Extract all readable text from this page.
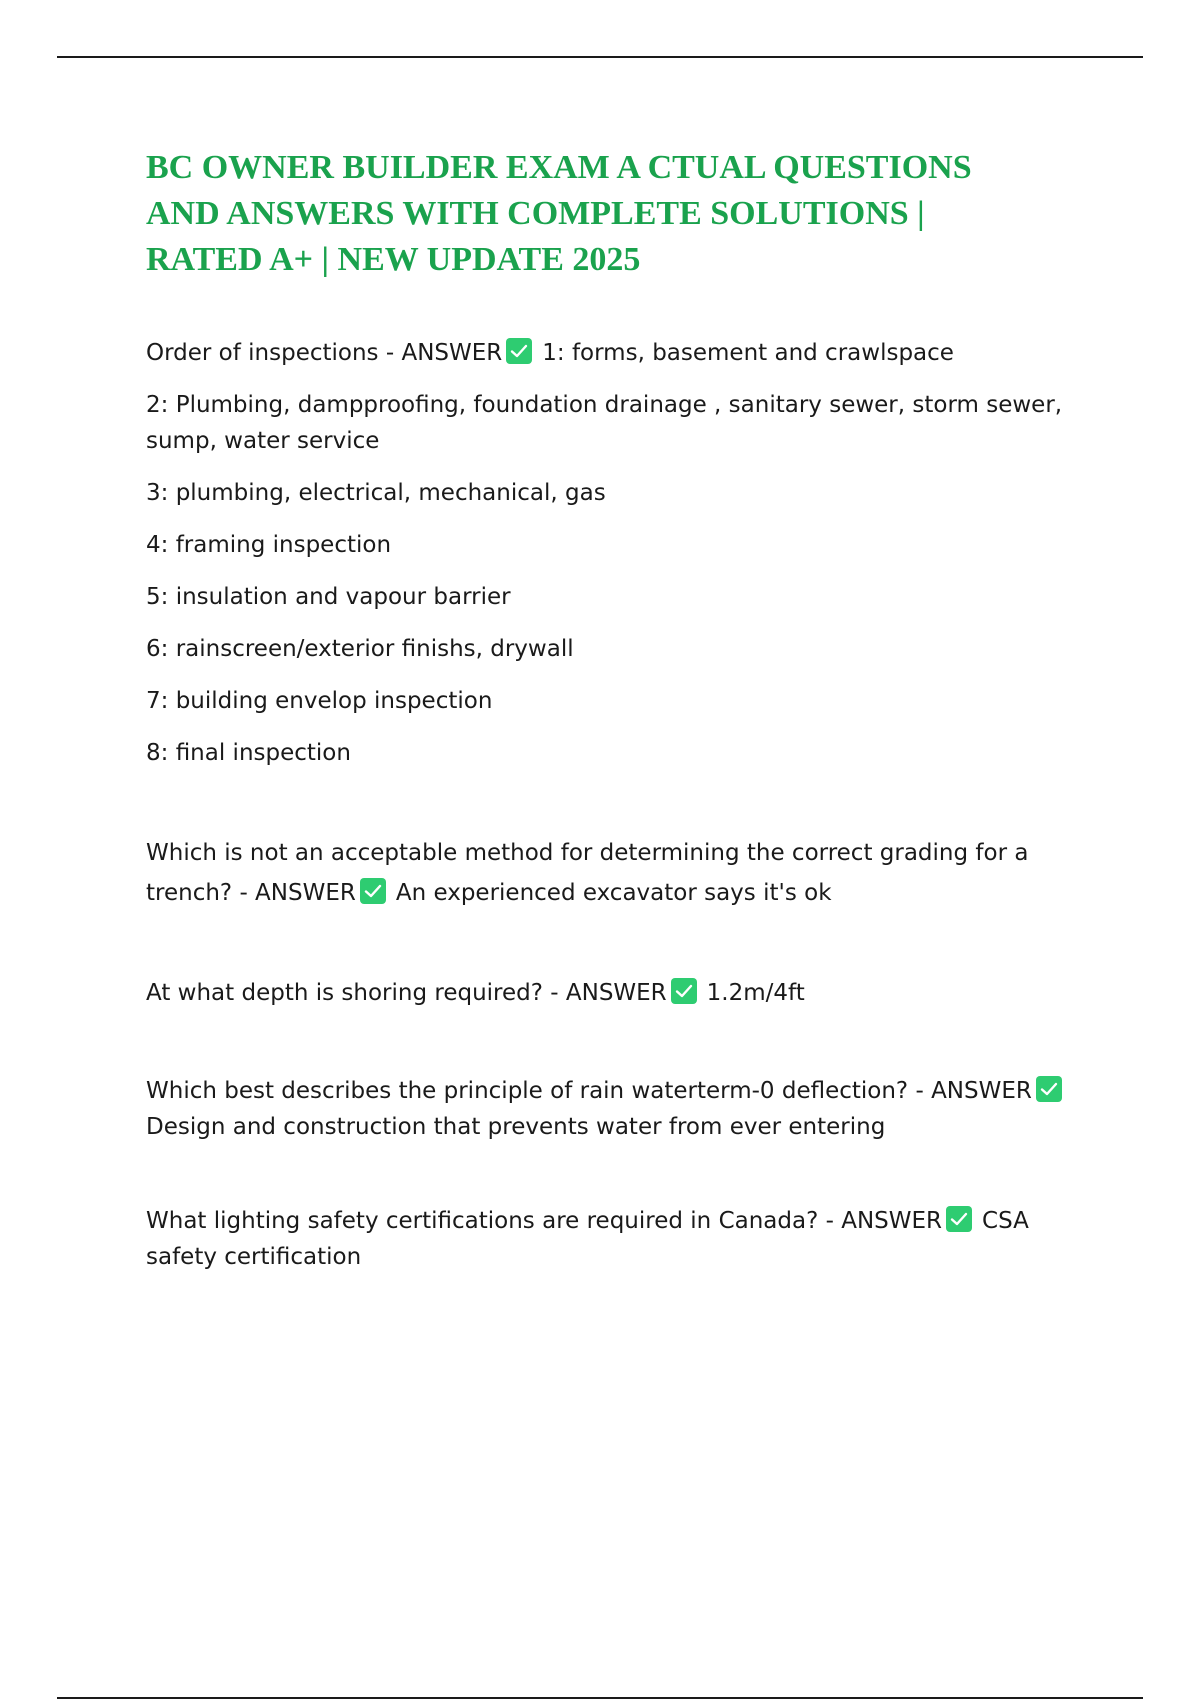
BC OWNER BUILDER EXAM A CTUAL QUESTIONS
AND ANSWERS WITH COMPLETE SOLUTIONS |
RATED A+ | NEW UPDATE 2025

Order of inspections - ANSWER 1: forms, basement and crawlspace

2: Plumbing, dampproofing, foundation drainage , sanitary sewer, storm sewer, sump, water service

3: plumbing, electrical, mechanical, gas

4: framing inspection

5: insulation and vapour barrier

6: rainscreen/exterior finishs, drywall

7: building envelop inspection

8: final inspection

Which is not an acceptable method for determining the correct grading for a trench? - ANSWER An experienced excavator says it's ok

At what depth is shoring required? - ANSWER 1.2m/4ft

Which best describes the principle of rain waterterm-0 deflection? - ANSWER
Design and construction that prevents water from ever entering

What lighting safety certifications are required in Canada? - ANSWER CSA safety certification
